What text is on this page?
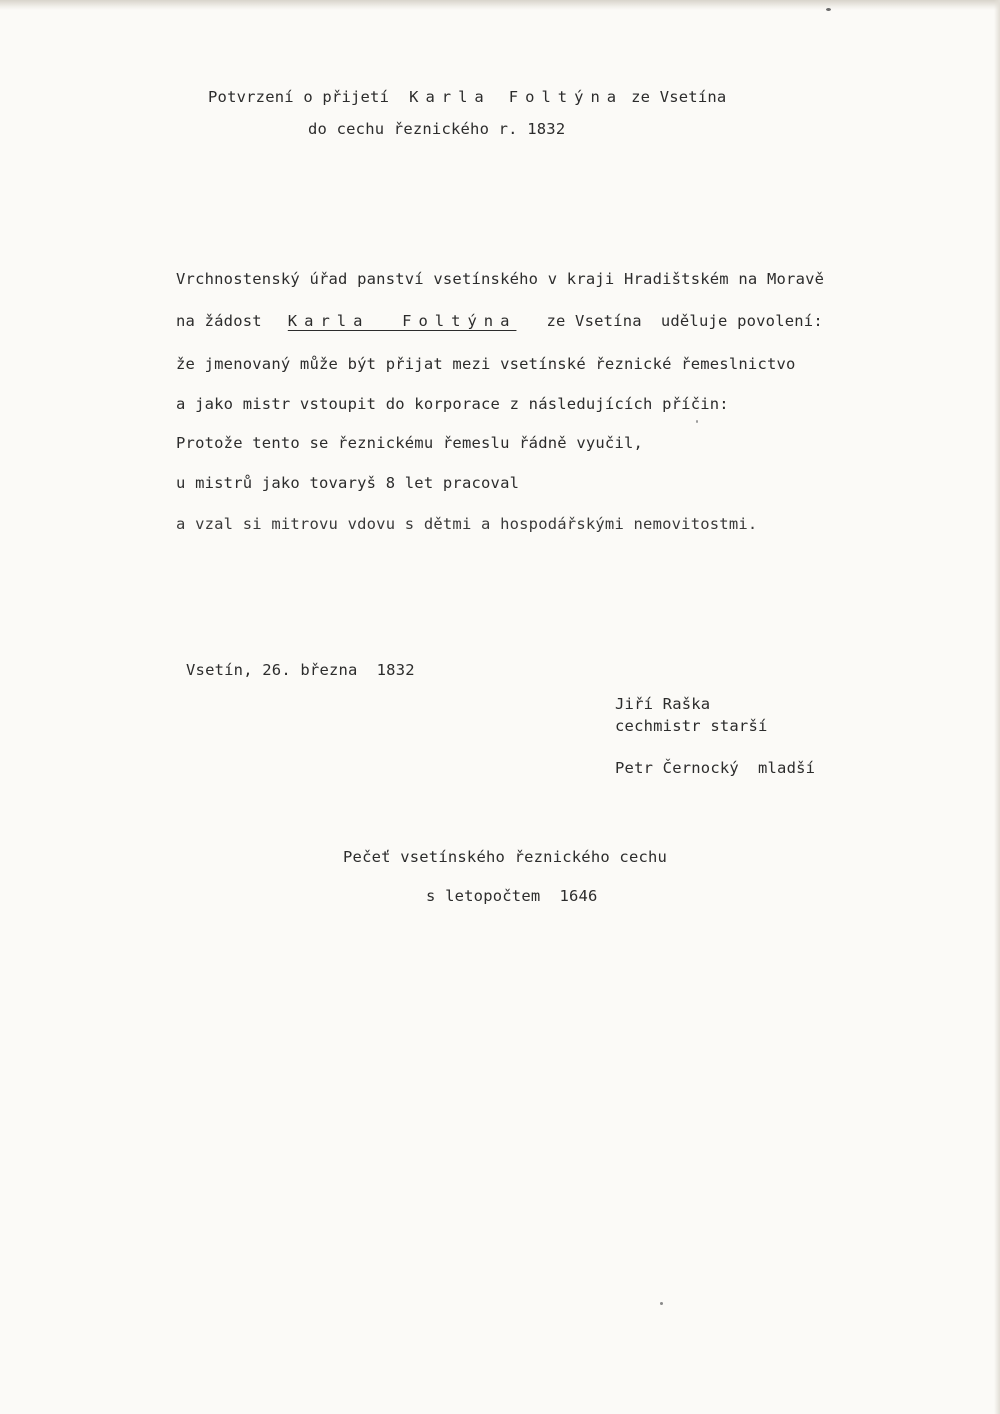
Potvrzení o přijetí Karla Foltýna ze Vsetína
do cechu řeznického r. 1832
Vrchnostenský úřad panství vsetínského v kraji Hradištském na Moravě
na žádost Karla  Foltýna ze Vsetína  uděluje povolení:
že jmenovaný může být přijat mezi vsetínské řeznické řemeslnictvo
a jako mistr vstoupit do korporace z následujících příčin:
Protože tento se řeznickému řemeslu řádně vyučil,
u mistrů jako tovaryš 8 let pracoval
a vzal si mitrovu vdovu s dětmi a hospodářskými nemovitostmi.
Vsetín, 26. března  1832
Jiří Raška
cechmistr starší
Petr Černocký  mladší
Pečeť vsetínského řeznického cechu
s letopočtem  1646
